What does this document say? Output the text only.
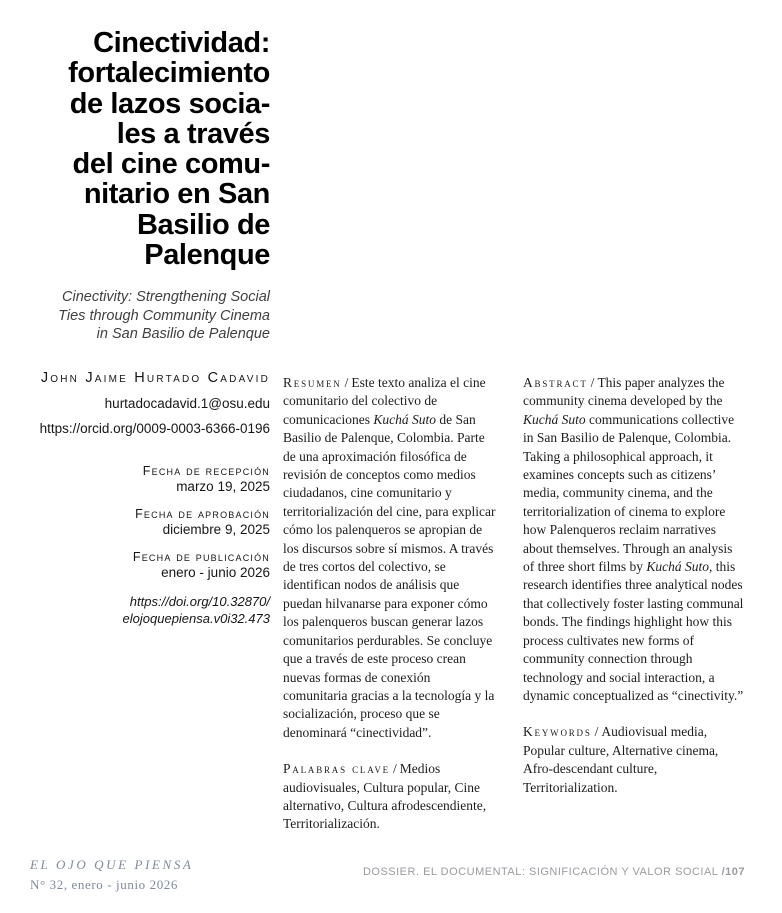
Cinectividad:
fortalecimiento
de lazos socia-
les a través
del cine comu-
nitario en San
Basilio de
Palenque
Cinectivity: Strengthening Social
Ties through Community Cinema
in San Basilio de Palenque
John Jaime Hurtado Cadavid
hurtadocadavid.1@osu.edu
https://orcid.org/0009-0003-6366-0196
Fecha de recepción
marzo 19, 2025
Fecha de aprobación
diciembre 9, 2025
Fecha de publicación
enero - junio 2026
https://doi.org/10.32870/
elojoquepiensa.v0i32.473

Resumen / Este texto analiza el cine comunitario del colectivo de comunicaciones Kuchá Suto de San Basilio de Palenque, Colombia. Parte de una aproximación filosófica de revisión de conceptos como medios ciudadanos, cine comunitario y territorialización del cine, para explicar cómo los palenqueros se apropian de los discursos sobre sí mismos. A través de tres cortos del colectivo, se identifican nodos de análisis que puedan hilvanarse para exponer cómo los palenqueros buscan generar lazos comunitarios perdurables. Se concluye que a través de este proceso crean nuevas formas de conexión comunitaria gracias a la tecnología y la socialización, proceso que se denominará “cinectividad”.

Palabras clave / Medios audiovisuales, Cultura popular, Cine alternativo, Cultura afrodescendiente, Territorialización.

Abstract / This paper analyzes the community cinema developed by the Kuchá Suto communications collective in San Basilio de Palenque, Colombia. Taking a philosophical approach, it examines concepts such as citizens’ media, community cinema, and the territorialization of cinema to explore how Palenqueros reclaim narratives about themselves. Through an analysis of three short films by Kuchá Suto, this research identifies three analytical nodes that collectively foster lasting communal bonds. The findings highlight how this process cultivates new forms of community connection through technology and social interaction, a dynamic conceptualized as “cinectivity.”

Keywords / Audiovisual media, Popular culture, Alternative cinema, Afro-descendant culture, Territorialization.

EL OJO QUE PIENSA
N° 32, enero - junio 2026
DOSSIER. EL DOCUMENTAL: SIGNIFICACIÓN Y VALOR SOCIAL /107
